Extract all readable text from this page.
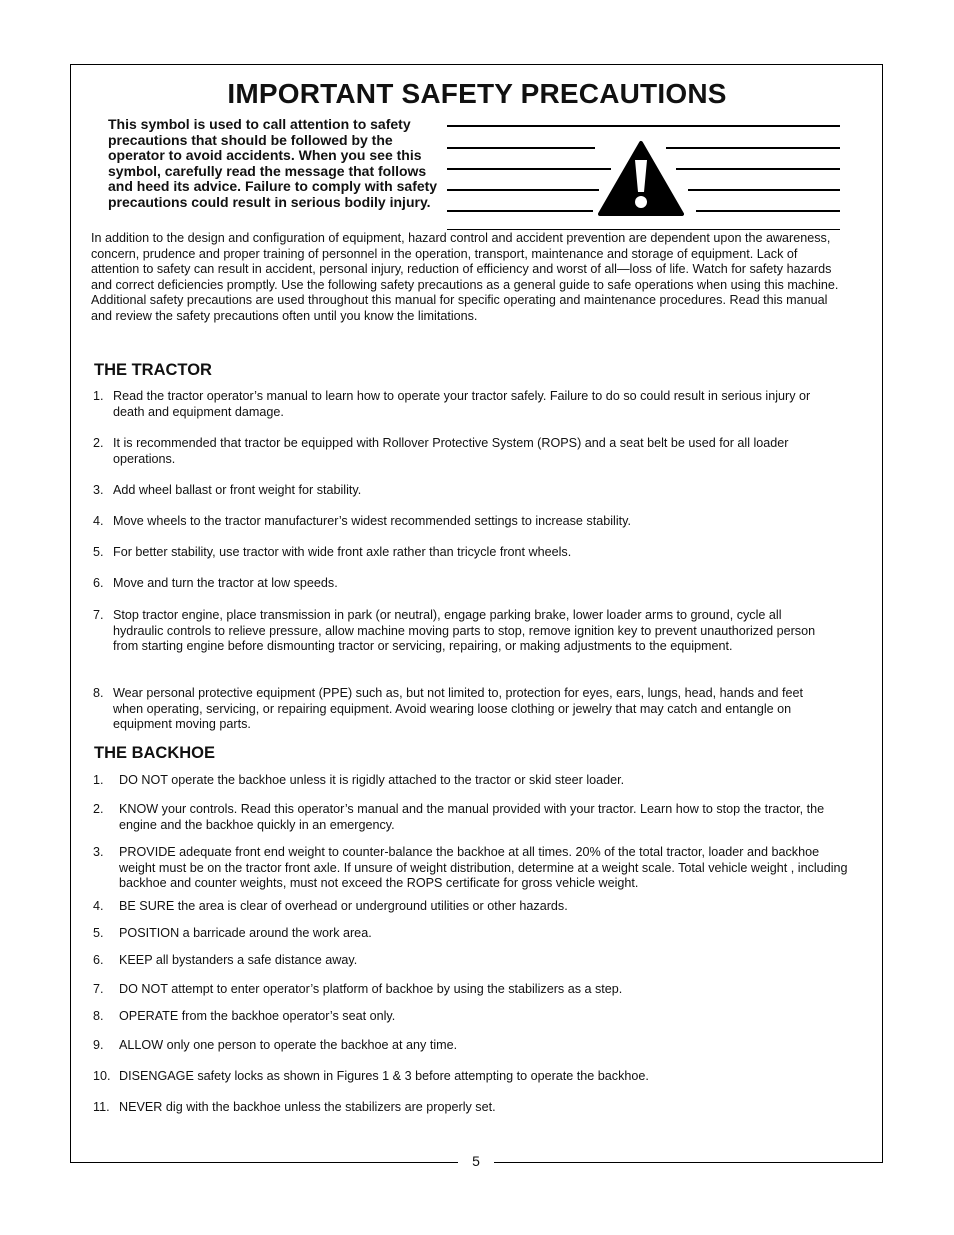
IMPORTANT SAFETY PRECAUTIONS
This symbol is used to call attention to safety precautions that should be followed by the operator to avoid accidents. When you see this symbol, carefully read the message that follows and heed its advice. Failure to comply with safety precautions could result in serious bodily injury.
In addition to the design and configuration of equipment, hazard control and accident prevention are dependent upon the awareness, concern, prudence and proper training of personnel in the operation, transport, maintenance and storage of equipment. Lack of attention to safety can result in accident, personal injury, reduction of efficiency and worst of all—loss of life. Watch for safety hazards and correct deficiencies promptly. Use the following safety precautions as a general guide to safe operations when using this machine. Additional safety precautions are used throughout this manual for specific operating and maintenance procedures. Read this manual and review the safety precautions often until you know the limitations.
THE TRACTOR
1. Read the tractor operator’s manual to learn how to operate your tractor safely. Failure to do so could result in serious injury or death and equipment damage.
2. It is recommended that tractor be equipped with Rollover Protective System (ROPS) and a seat belt be used for all loader operations.
3. Add wheel ballast or front weight for stability.
4. Move wheels to the tractor manufacturer’s widest recommended settings to increase stability.
5. For better stability, use tractor with wide front axle rather than tricycle front wheels.
6. Move and turn the tractor at low speeds.
7. Stop tractor engine, place transmission in park (or neutral), engage parking brake, lower loader arms to ground, cycle all hydraulic controls to relieve pressure, allow machine moving parts to stop, remove ignition key to prevent unauthorized person from starting engine before dismounting tractor or servicing, repairing, or making adjustments to the equipment.
8. Wear personal protective equipment (PPE) such as, but not limited to, protection for eyes, ears, lungs, head, hands and feet when operating, servicing, or repairing equipment. Avoid wearing loose clothing or jewelry that may catch and entangle on equipment moving parts.
THE BACKHOE
1.	DO NOT operate the backhoe unless it is rigidly attached to the tractor or skid steer loader.
2.	KNOW your controls. Read this operator’s manual and the manual provided with your tractor. Learn how to stop the tractor, the engine and the backhoe quickly in an emergency.
3.	PROVIDE adequate front end weight to counter-balance the backhoe at all times. 20% of the total tractor, loader and backhoe weight must be on the tractor front axle. If unsure of weight distribution, determine at a weight scale. Total vehicle weight , including backhoe and counter weights, must not exceed the ROPS certificate for gross vehicle weight.
4.	BE SURE the area is clear of overhead or underground utilities or other hazards.
5.	POSITION a barricade around the work area.
6.	KEEP all bystanders a safe distance away.
7.	DO NOT attempt to enter operator’s platform of backhoe by using the stabilizers as a step.
8.	OPERATE from the backhoe operator’s seat only.
9.	ALLOW only one person to operate the backhoe at any time.
10. DISENGAGE safety locks as shown in Figures 1 & 3 before attempting to operate the backhoe.
11. NEVER dig with the backhoe unless the stabilizers are properly set.
5
